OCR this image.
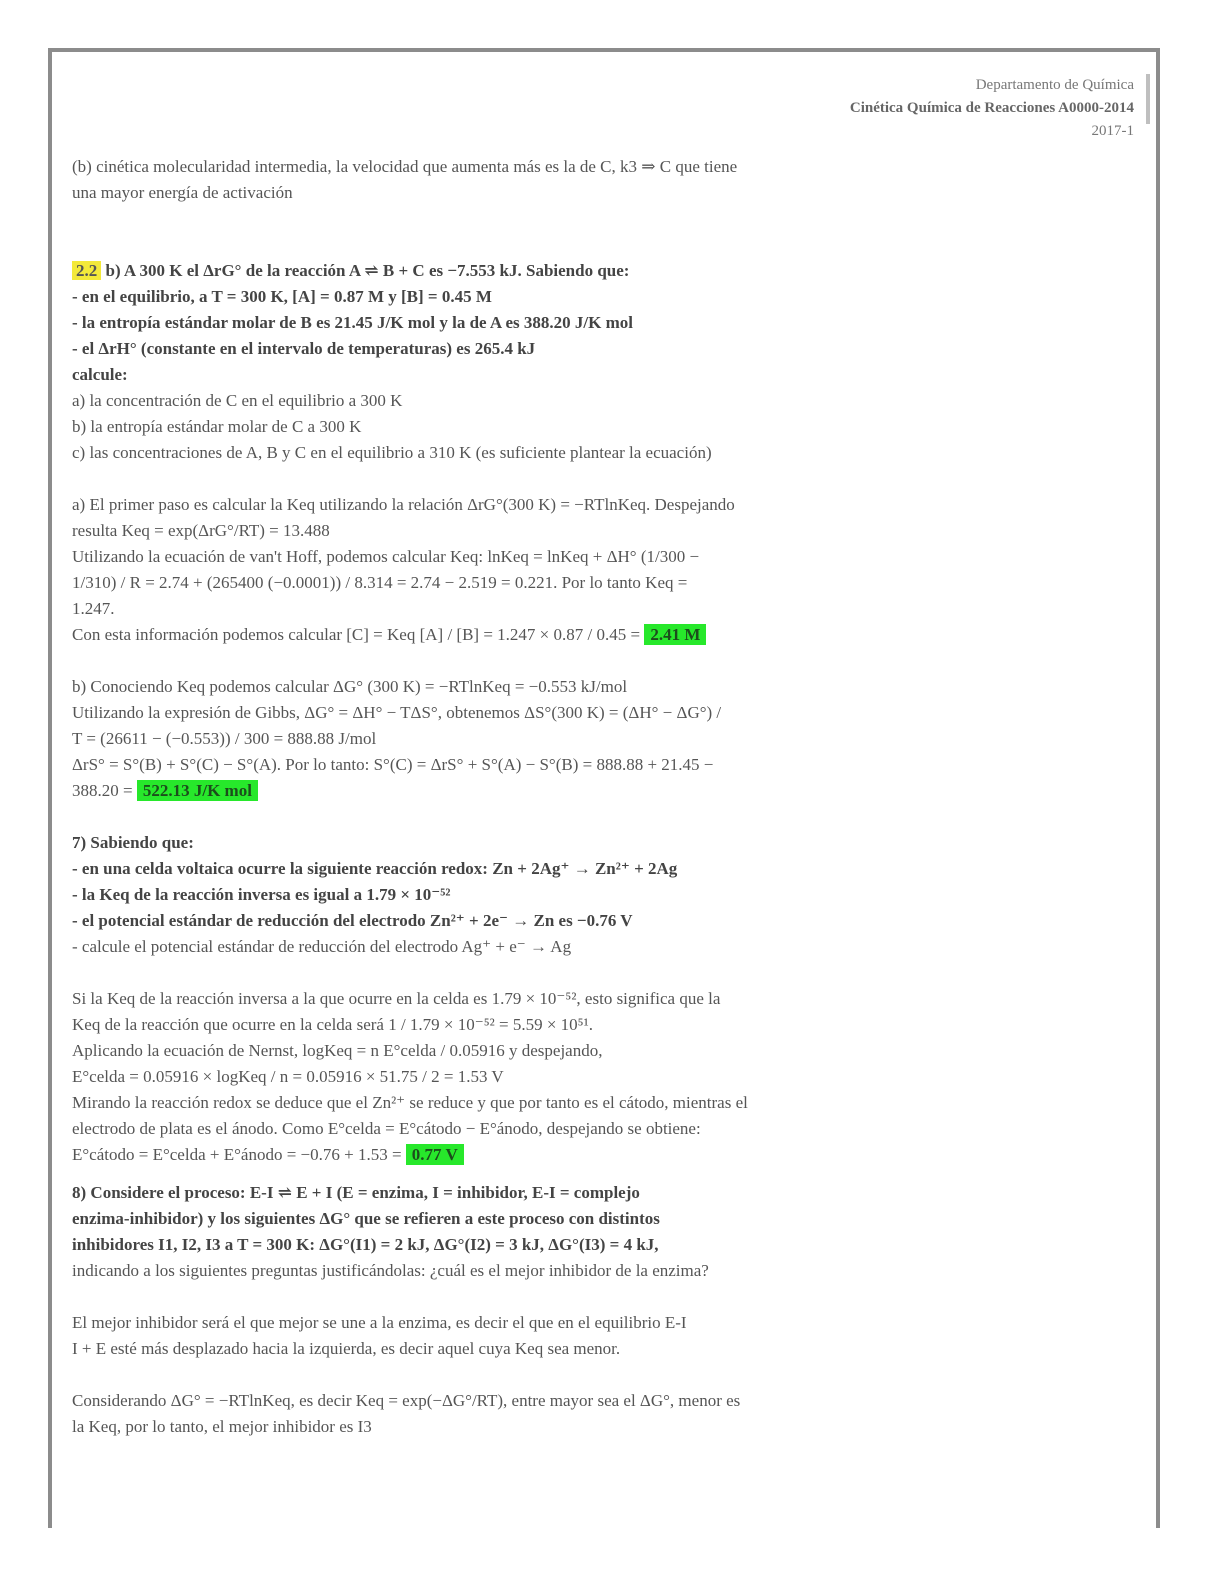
Departamento de Química
Cinética Química de Reacciones A0000-2014
2017-1

(b) cinética molecularidad intermedia, la velocidad que aumenta más es la de C, k3 ⇒ C que tiene

una mayor energía de activación

2.2 b) A 300 K el ΔrG° de la reacción A ⇌ B + C es −7.553 kJ. Sabiendo que:

- en el equilibrio, a T = 300 K, [A] = 0.87 M y [B] = 0.45 M

- la entropía estándar molar de B es 21.45 J/K mol y la de A es 388.20 J/K mol

- el ΔrH° (constante en el intervalo de temperaturas) es 265.4 kJ

calcule:

a) la concentración de C en el equilibrio a 300 K

b) la entropía estándar molar de C a 300 K

c) las concentraciones de A, B y C en el equilibrio a 310 K (es suficiente plantear la ecuación)

a) El primer paso es calcular la Keq utilizando la relación ΔrG°(300 K) = −RTlnKeq. Despejando

resulta Keq = exp(ΔrG°/RT) = 13.488

Utilizando la ecuación de van't Hoff, podemos calcular Keq: lnKeq = lnKeq + ΔH° (1/300 −

1/310) / R = 2.74 + (265400 (−0.0001)) / 8.314 = 2.74 − 2.519 = 0.221. Por lo tanto Keq =

1.247.

Con esta información podemos calcular [C] = Keq [A] / [B] = 1.247 × 0.87 / 0.45 = 2.41 M

b) Conociendo Keq podemos calcular ΔG° (300 K) = −RTlnKeq = −0.553 kJ/mol

Utilizando la expresión de Gibbs, ΔG° = ΔH° − TΔS°, obtenemos ΔS°(300 K) = (ΔH° − ΔG°) /

T = (26611 − (−0.553)) / 300 = 888.88 J/mol

ΔrS° = S°(B) + S°(C) − S°(A). Por lo tanto: S°(C) = ΔrS° + S°(A) − S°(B) = 888.88 + 21.45 −

388.20 = 522.13 J/K mol

7) Sabiendo que:

- en una celda voltaica ocurre la siguiente reacción redox: Zn + 2Ag⁺ → Zn²⁺ + 2Ag

- la Keq de la reacción inversa es igual a 1.79 × 10⁻⁵²

- el potencial estándar de reducción del electrodo Zn²⁺ + 2e⁻ → Zn es −0.76 V

- calcule el potencial estándar de reducción del electrodo Ag⁺ + e⁻ → Ag

Si la Keq de la reacción inversa a la que ocurre en la celda es 1.79 × 10⁻⁵², esto significa que la

Keq de la reacción que ocurre en la celda será 1 / 1.79 × 10⁻⁵² = 5.59 × 10⁵¹.

Aplicando la ecuación de Nernst, logKeq = n E°celda / 0.05916 y despejando,

E°celda = 0.05916 × logKeq / n = 0.05916 × 51.75 / 2 = 1.53 V

Mirando la reacción redox se deduce que el Zn²⁺ se reduce y que por tanto es el cátodo, mientras el

electrodo de plata es el ánodo. Como E°celda = E°cátodo − E°ánodo, despejando se obtiene:

E°cátodo = E°celda + E°ánodo = −0.76 + 1.53 = 0.77 V

8) Considere el proceso: E-I ⇌ E + I (E = enzima, I = inhibidor, E-I = complejo

enzima-inhibidor) y los siguientes ΔG° que se refieren a este proceso con distintos

inhibidores I1, I2, I3 a T = 300 K: ΔG°(I1) = 2 kJ, ΔG°(I2) = 3 kJ, ΔG°(I3) = 4 kJ,

indicando a los siguientes preguntas justificándolas: ¿cuál es el mejor inhibidor de la enzima?

El mejor inhibidor será el que mejor se une a la enzima, es decir el que en el equilibrio E-I

I + E esté más desplazado hacia la izquierda, es decir aquel cuya Keq sea menor.

Considerando ΔG° = −RTlnKeq, es decir Keq = exp(−ΔG°/RT), entre mayor sea el ΔG°, menor es

la Keq, por lo tanto, el mejor inhibidor es I3
